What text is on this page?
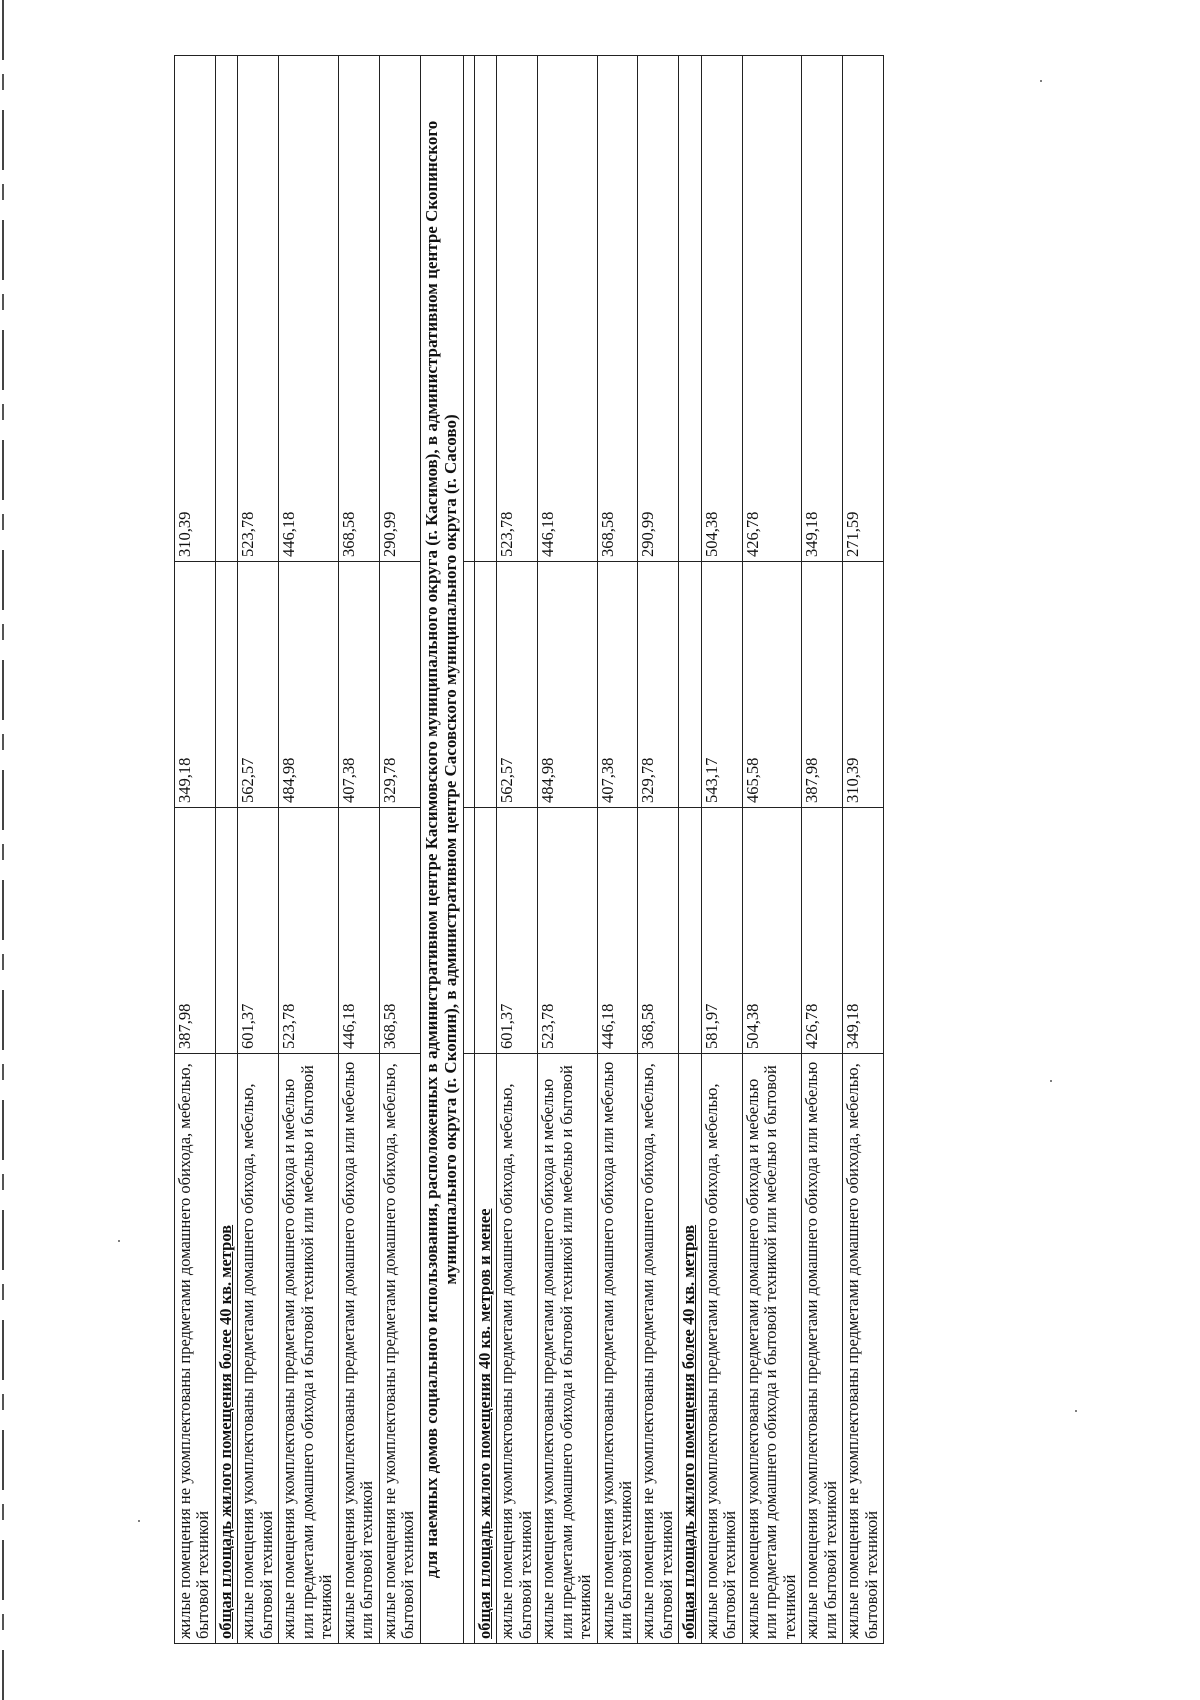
жилые помещения не укомплектованы предметами домашнего обихода, мебелью, бытовой техникой	387,98	349,18	310,39
общая площадь жилого помещения более 40 кв. метров			
жилые помещения укомплектованы предметами домашнего обихода, мебелью, бытовой техникой	601,37	562,57	523,78
жилые помещения укомплектованы предметами домашнего обихода и мебелью или предметами домашнего обихода и бытовой техникой или мебелью и бытовой техникой	523,78	484,98	446,18
жилые помещения укомплектованы предметами домашнего обихода или мебелью или бытовой техникой	446,18	407,38	368,58
жилые помещения не укомплектованы предметами домашнего обихода, мебелью, бытовой техникой	368,58	329,78	290,99
для наемных домов социального использования, расположенных в административном центре Касимовского муниципального округа (г. Касимов), в административном центре Скопинского муниципального округа (г. Скопин), в административном центре Сасовского муниципального округа (г. Сасово)			

общая площадь жилого помещения 40 кв. метров и менее			
жилые помещения укомплектованы предметами домашнего обихода, мебелью, бытовой техникой	601,37	562,57	523,78
жилые помещения укомплектованы предметами домашнего обихода и мебелью или предметами домашнего обихода и бытовой техникой или мебелью и бытовой техникой	523,78	484,98	446,18
жилые помещения укомплектованы предметами домашнего обихода или мебелью или бытовой техникой	446,18	407,38	368,58
жилые помещения не укомплектованы предметами домашнего обихода, мебелью, бытовой техникой	368,58	329,78	290,99
общая площадь жилого помещения более 40 кв. метров			
жилые помещения укомплектованы предметами домашнего обихода, мебелью, бытовой техникой	581,97	543,17	504,38
жилые помещения укомплектованы предметами домашнего обихода и мебелью или предметами домашнего обихода и бытовой техникой или мебелью и бытовой техникой	504,38	465,58	426,78
жилые помещения укомплектованы предметами домашнего обихода или мебелью или бытовой техникой	426,78	387,98	349,18
жилые помещения не укомплектованы предметами домашнего обихода, мебелью, бытовой техникой	349,18	310,39	271,59
